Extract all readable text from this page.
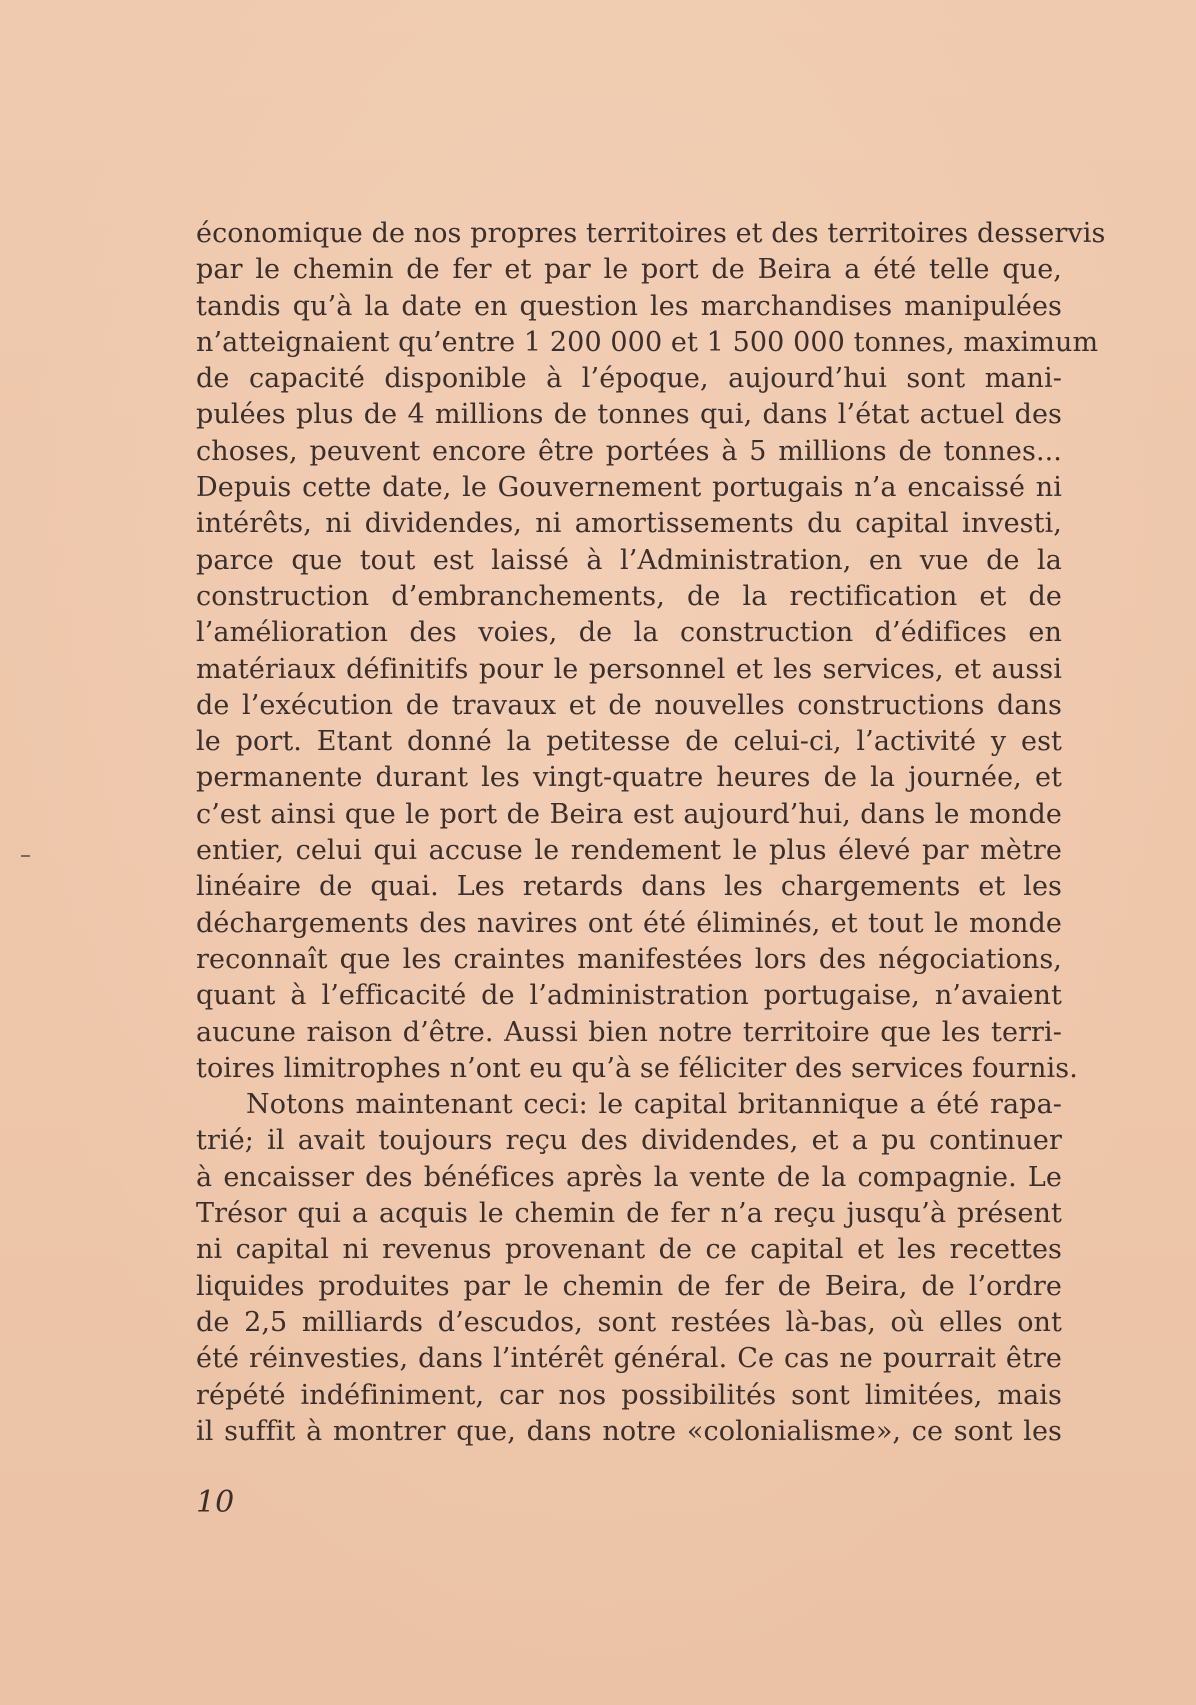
économique de nos propres territoires et des territoires desservis
par le chemin de fer et par le port de Beira a été telle que,
tandis qu’à la date en question les marchandises manipulées
n’atteignaient qu’entre 1 200 000 et 1 500 000 tonnes, maximum
de capacité disponible à l’époque, aujourd’hui sont mani-
pulées plus de 4 millions de tonnes qui, dans l’état actuel des
choses, peuvent encore être portées à 5 millions de tonnes...
Depuis cette date, le Gouvernement portugais n’a encaissé ni
intérêts, ni dividendes, ni amortissements du capital investi,
parce que tout est laissé à l’Administration, en vue de la
construction d’embranchements, de la rectification et de
l’amélioration des voies, de la construction d’édifices en
matériaux définitifs pour le personnel et les services, et aussi
de l’exécution de travaux et de nouvelles constructions dans
le port. Etant donné la petitesse de celui-ci, l’activité y est
permanente durant les vingt-quatre heures de la journée, et
c’est ainsi que le port de Beira est aujourd’hui, dans le monde
entier, celui qui accuse le rendement le plus élevé par mètre
linéaire de quai. Les retards dans les chargements et les
déchargements des navires ont été éliminés, et tout le monde
reconnaît que les craintes manifestées lors des négociations,
quant à l’efficacité de l’administration portugaise, n’avaient
aucune raison d’être. Aussi bien notre territoire que les terri-
toires limitrophes n’ont eu qu’à se féliciter des services fournis.
Notons maintenant ceci: le capital britannique a été rapa-
trié; il avait toujours reçu des dividendes, et a pu continuer
à encaisser des bénéfices après la vente de la compagnie. Le
Trésor qui a acquis le chemin de fer n’a reçu jusqu’à présent
ni capital ni revenus provenant de ce capital et les recettes
liquides produites par le chemin de fer de Beira, de l’ordre
de 2,5 milliards d’escudos, sont restées là-bas, où elles ont
été réinvesties, dans l’intérêt général. Ce cas ne pourrait être
répété indéfiniment, car nos possibilités sont limitées, mais
il suffit à montrer que, dans notre «colonialisme», ce sont les
10
